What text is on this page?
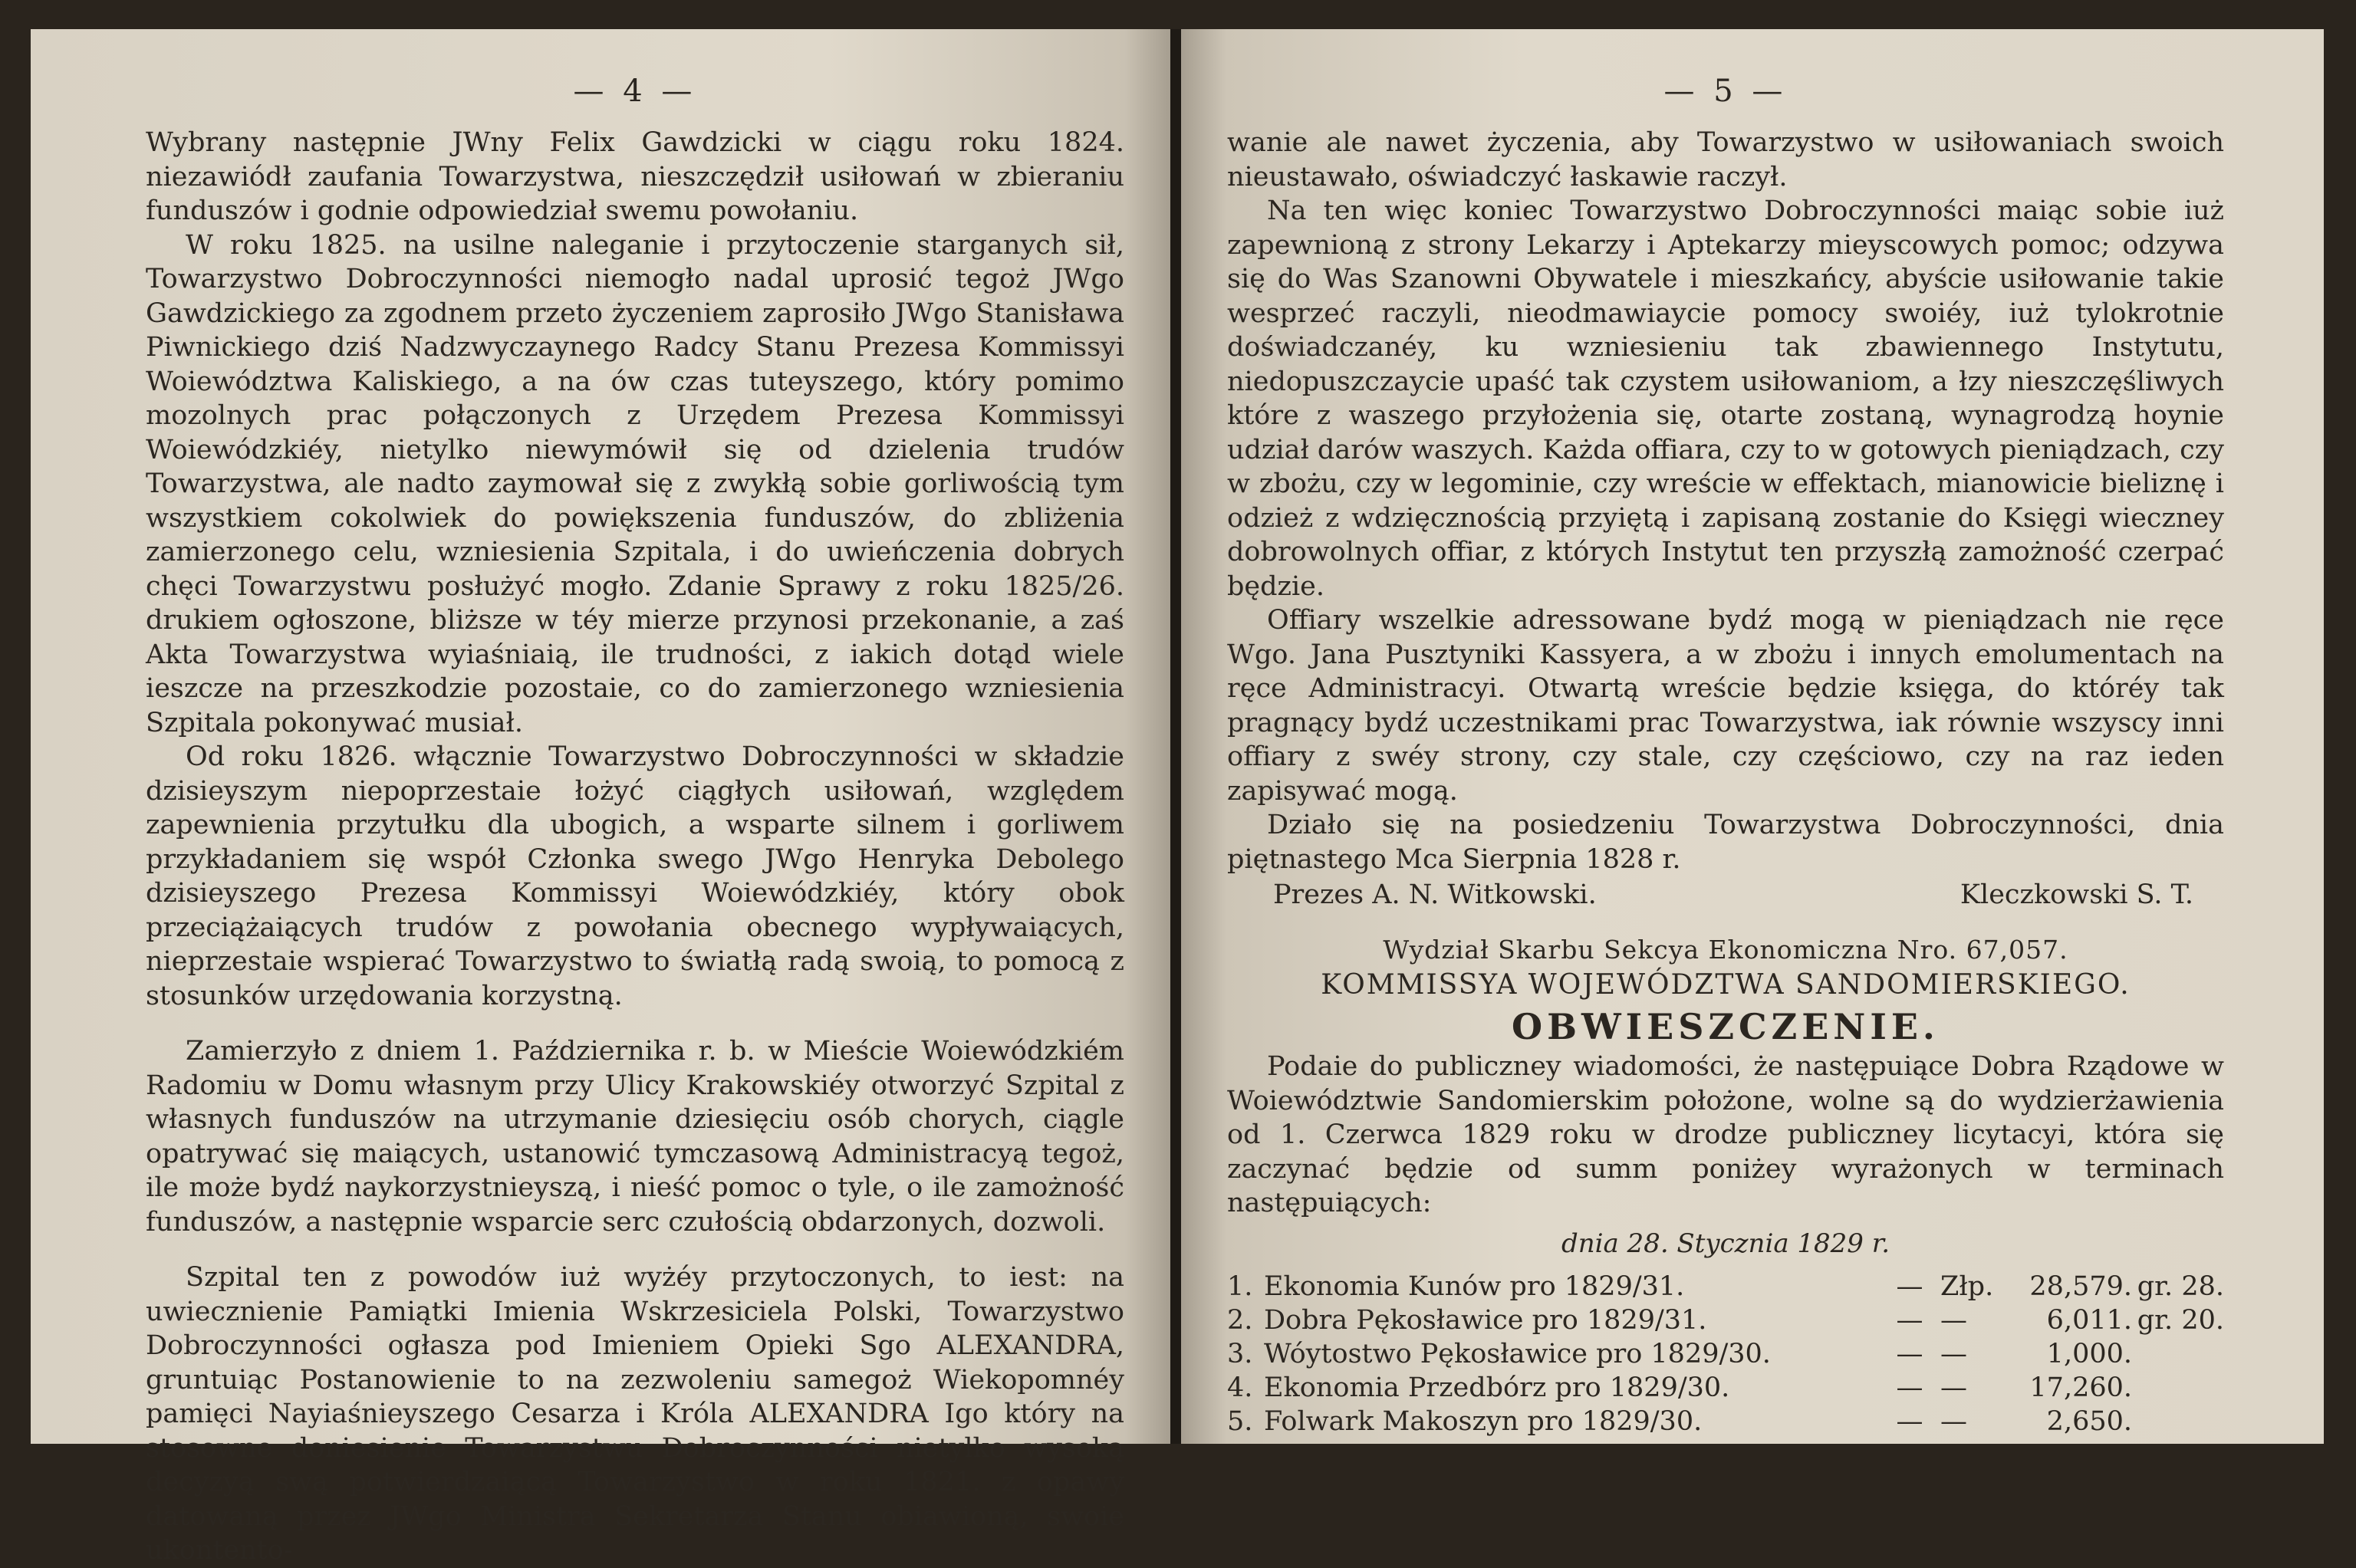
— 4 —

Wybrany następnie JWny Felix Gawdzicki w ciągu roku 1824. niezawiódł zaufania Towarzystwa, nieszczędził usiłowań w zbieraniu funduszów i godnie odpowiedział swemu powołaniu.

W roku 1825. na usilne naleganie i przytoczenie starganych sił, Towarzystwo Dobroczynności niemogło nadal uprosić tegoż JWgo Gawdzickiego za zgodnem przeto życzeniem zaprosiło JWgo Stanisława Piwnickiego dziś Nadzwyczaynego Radcy Stanu Prezesa Kommissyi Woiewództwa Kaliskiego, a na ów czas tuteyszego, który pomimo mozolnych prac połączonych z Urzędem Prezesa Kommissyi Woiewódzkiéy, nietylko niewymówił się od dzielenia trudów Towarzystwa, ale nadto zaymował się z zwykłą sobie gorliwością tym wszystkiem cokolwiek do powiększenia funduszów, do zbliżenia zamierzonego celu, wzniesienia Szpitala, i do uwieńczenia dobrych chęci Towarzystwu posłużyć mogło. Zdanie Sprawy z roku 1825/26. drukiem ogłoszone, bliższe w téy mierze przynosi przekonanie, a zaś Akta Towarzystwa wyiaśniaią, ile trudności, z iakich dotąd wiele ieszcze na przeszkodzie pozostaie, co do zamierzonego wzniesienia Szpitala pokonywać musiał.

Od roku 1826. włącznie Towarzystwo Dobroczynności w składzie dzisieyszym niepoprzestaie łożyć ciągłych usiłowań, względem zapewnienia przytułku dla ubogich, a wsparte silnem i gorliwem przykładaniem się współ Członka swego JWgo Henryka Debolego dzisieyszego Prezesa Kommissyi Woiewódzkiéy, który obok przeciążaiących trudów z powołania obecnego wypływaiących, nieprzestaie wspierać Towarzystwo to światłą radą swoią, to pomocą z stosunków urzędowania korzystną.

Zamierzyło z dniem 1. Października r. b. w Mieście Woiewódzkiém Radomiu w Domu własnym przy Ulicy Krakowskiéy otworzyć Szpital z własnych funduszów na utrzymanie dziesięciu osób chorych, ciągle opatrywać się maiących, ustanowić tymczasową Administracyą tegoż, ile może bydź naykorzystnieyszą, i nieść pomoc o tyle, o ile zamożność funduszów, a następnie wsparcie serc czułością obdarzonych, dozwoli.

Szpital ten z powodów iuż wyżéy przytoczonych, to iest: na uwiecznienie Pamiątki Imienia Wskrzesiciela Polski, Towarzystwo Dobroczynności ogłasza pod Imieniem Opieki Sgo ALEXANDRA, gruntuiąc Postanowienie to na zezwoleniu samegoż Wiekopomnéy pamięci Nayiaśnieyszego Cesarza i Króla ALEXANDRA Igo który na stosowne doniesienie Towarzystwu Dobroczynności nietylko wysoką decyzyą swą potwierdzaiącą Towarzystwo w roku 1821. z opawy datowaną przez JWgo Ministra Sekretarza Stanu obiawioną, swoie ukontento-

— 5 —

wanie ale nawet życzenia, aby Towarzystwo w usiłowaniach swoich nieustawało, oświadczyć łaskawie raczył.

Na ten więc koniec Towarzystwo Dobroczynności maiąc sobie iuż zapewnioną z strony Lekarzy i Aptekarzy mieyscowych pomoc; odzywa się do Was Szanowni Obywatele i mieszkańcy, abyście usiłowanie takie wesprzeć raczyli, nieodmawiaycie pomocy swoiéy, iuż tylokrotnie doświadczanéy, ku wzniesieniu tak zbawiennego Instytutu, niedopuszczaycie upaść tak czystem usiłowaniom, a łzy nieszczęśliwych które z waszego przyłożenia się, otarte zostaną, wynagrodzą hoynie udział darów waszych. Każda offiara, czy to w gotowych pieniądzach, czy w zbożu, czy w legominie, czy wreście w effektach, mianowicie bieliznę i odzież z wdzięcznością przyiętą i zapisaną zostanie do Księgi wieczney dobrowolnych offiar, z których Instytut ten przyszłą zamożność czerpać będzie.

Offiary wszelkie adressowane bydź mogą w pieniądzach nie ręce Wgo. Jana Pusztyniki Kassyera, a w zbożu i innych emolumentach na ręce Administracyi. Otwartą wreście będzie księga, do któréy tak pragnący bydź uczestnikami prac Towarzystwa, iak równie wszyscy inni offiary z swéy strony, czy stale, czy częściowo, czy na raz ieden zapisywać mogą.

Działo się na posiedzeniu Towarzystwa Dobroczynności, dnia piętnastego Mca Sierpnia 1828 r.

Prezes A. N. Witkowski.	Kleczkowski S. T.
Wydział Skarbu Sekcya Ekonomiczna Nro. 67,057.
KOMMISSYA WOJEWÓDZTWA SANDOMIERSKIEGO.
OBWIESZCZENIE.

Podaie do publiczney wiadomości, że następuiące Dobra Rządowe w Woiewództwie Sandomierskim położone, wolne są do wydzierżawienia od 1. Czerwca 1829 roku w drodze publiczney licytacyi, która się zaczynać będzie od summ poniżey wyrażonych w terminach następuiących:

dnia 28. Stycznia 1829 r.
1.	Ekonomia Kunów pro 1829/31.	—	Złp.	28,579.	gr. 28.
2.	Dobra Pękosławice pro 1829/31.	—	—	6,011.	gr. 20.
3.	Wóytostwo Pękosławice pro 1829/30.	—	—	1,000.	
4.	Ekonomia Przedbórz pro 1829/30.	—	—	17,260.	
5.	Folwark Makoszyn pro 1829/30.	—	—	2,650.	
